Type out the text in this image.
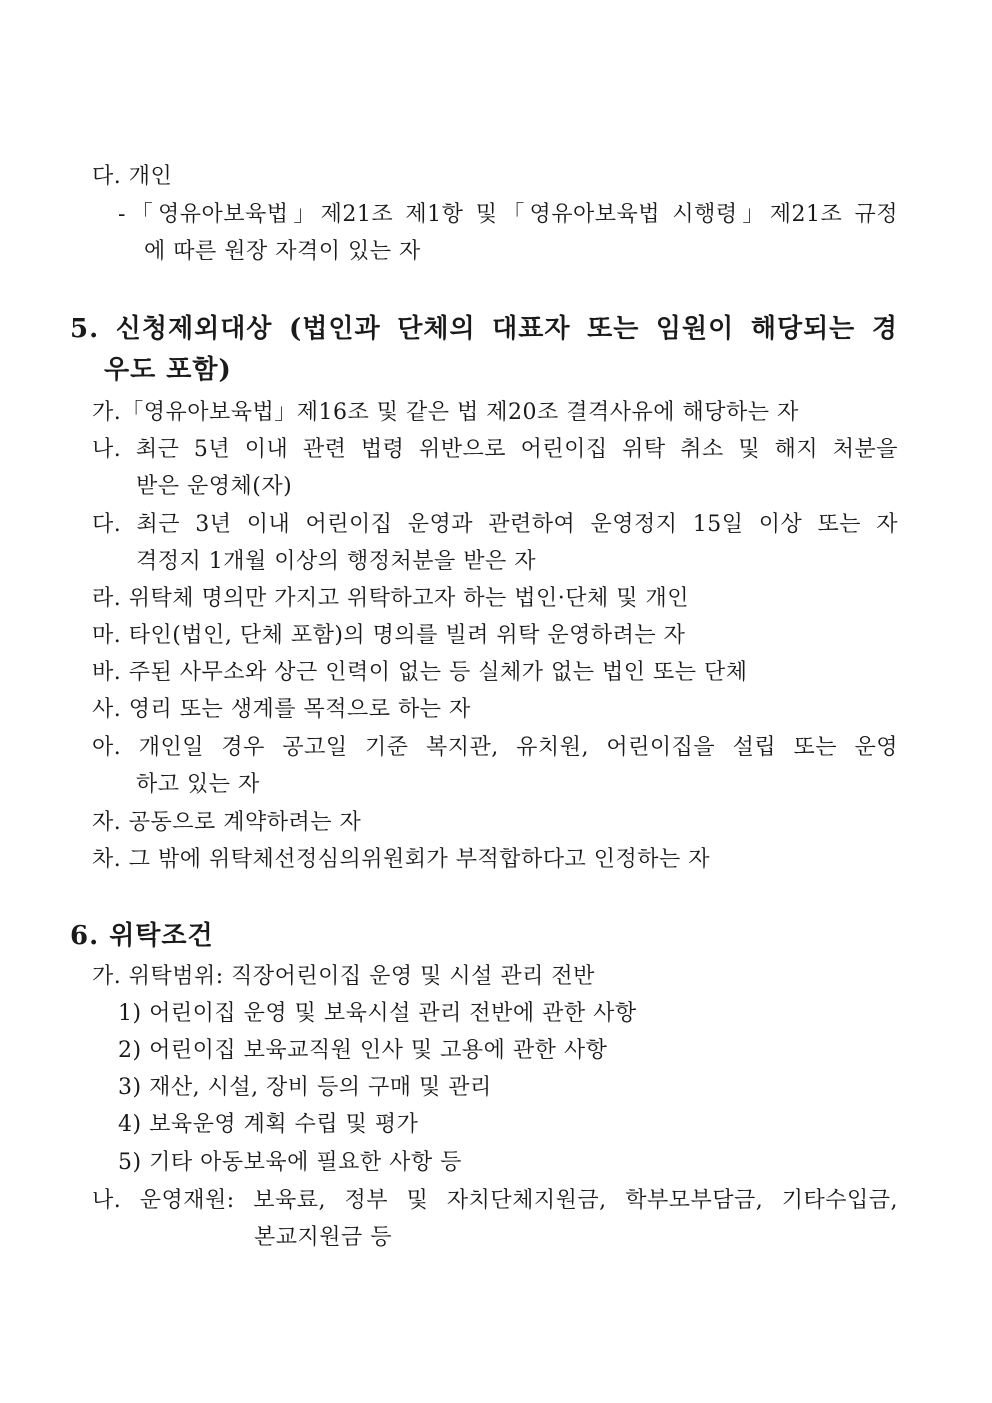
다. 개인
-「영유아보육법」제21조 제1항 및「영유아보육법 시행령」제21조 규정
에 따른 원장 자격이 있는 자
5. 신청제외대상 (법인과 단체의 대표자 또는 임원이 해당되는 경
우도 포함)
가.「영유아보육법」제16조 및 같은 법 제20조 결격사유에 해당하는 자
나. 최근 5년 이내 관련 법령 위반으로 어린이집 위탁 취소 및 해지 처분을
받은 운영체(자)
다. 최근 3년 이내 어린이집 운영과 관련하여 운영정지 15일 이상 또는 자
격정지 1개월 이상의 행정처분을 받은 자
라. 위탁체 명의만 가지고 위탁하고자 하는 법인·단체 및 개인
마. 타인(법인, 단체 포함)의 명의를 빌려 위탁 운영하려는 자
바. 주된 사무소와 상근 인력이 없는 등 실체가 없는 법인 또는 단체
사. 영리 또는 생계를 목적으로 하는 자
아. 개인일 경우 공고일 기준 복지관, 유치원, 어린이집을 설립 또는 운영
하고 있는 자
자. 공동으로 계약하려는 자
차. 그 밖에 위탁체선정심의위원회가 부적합하다고 인정하는 자
6. 위탁조건
가. 위탁범위: 직장어린이집 운영 및 시설 관리 전반
1) 어린이집 운영 및 보육시설 관리 전반에 관한 사항
2) 어린이집 보육교직원 인사 및 고용에 관한 사항
3) 재산, 시설, 장비 등의 구매 및 관리
4) 보육운영 계획 수립 및 평가
5) 기타 아동보육에 필요한 사항 등
나. 운영재원: 보육료, 정부 및 자치단체지원금, 학부모부담금, 기타수입금,
본교지원금 등
